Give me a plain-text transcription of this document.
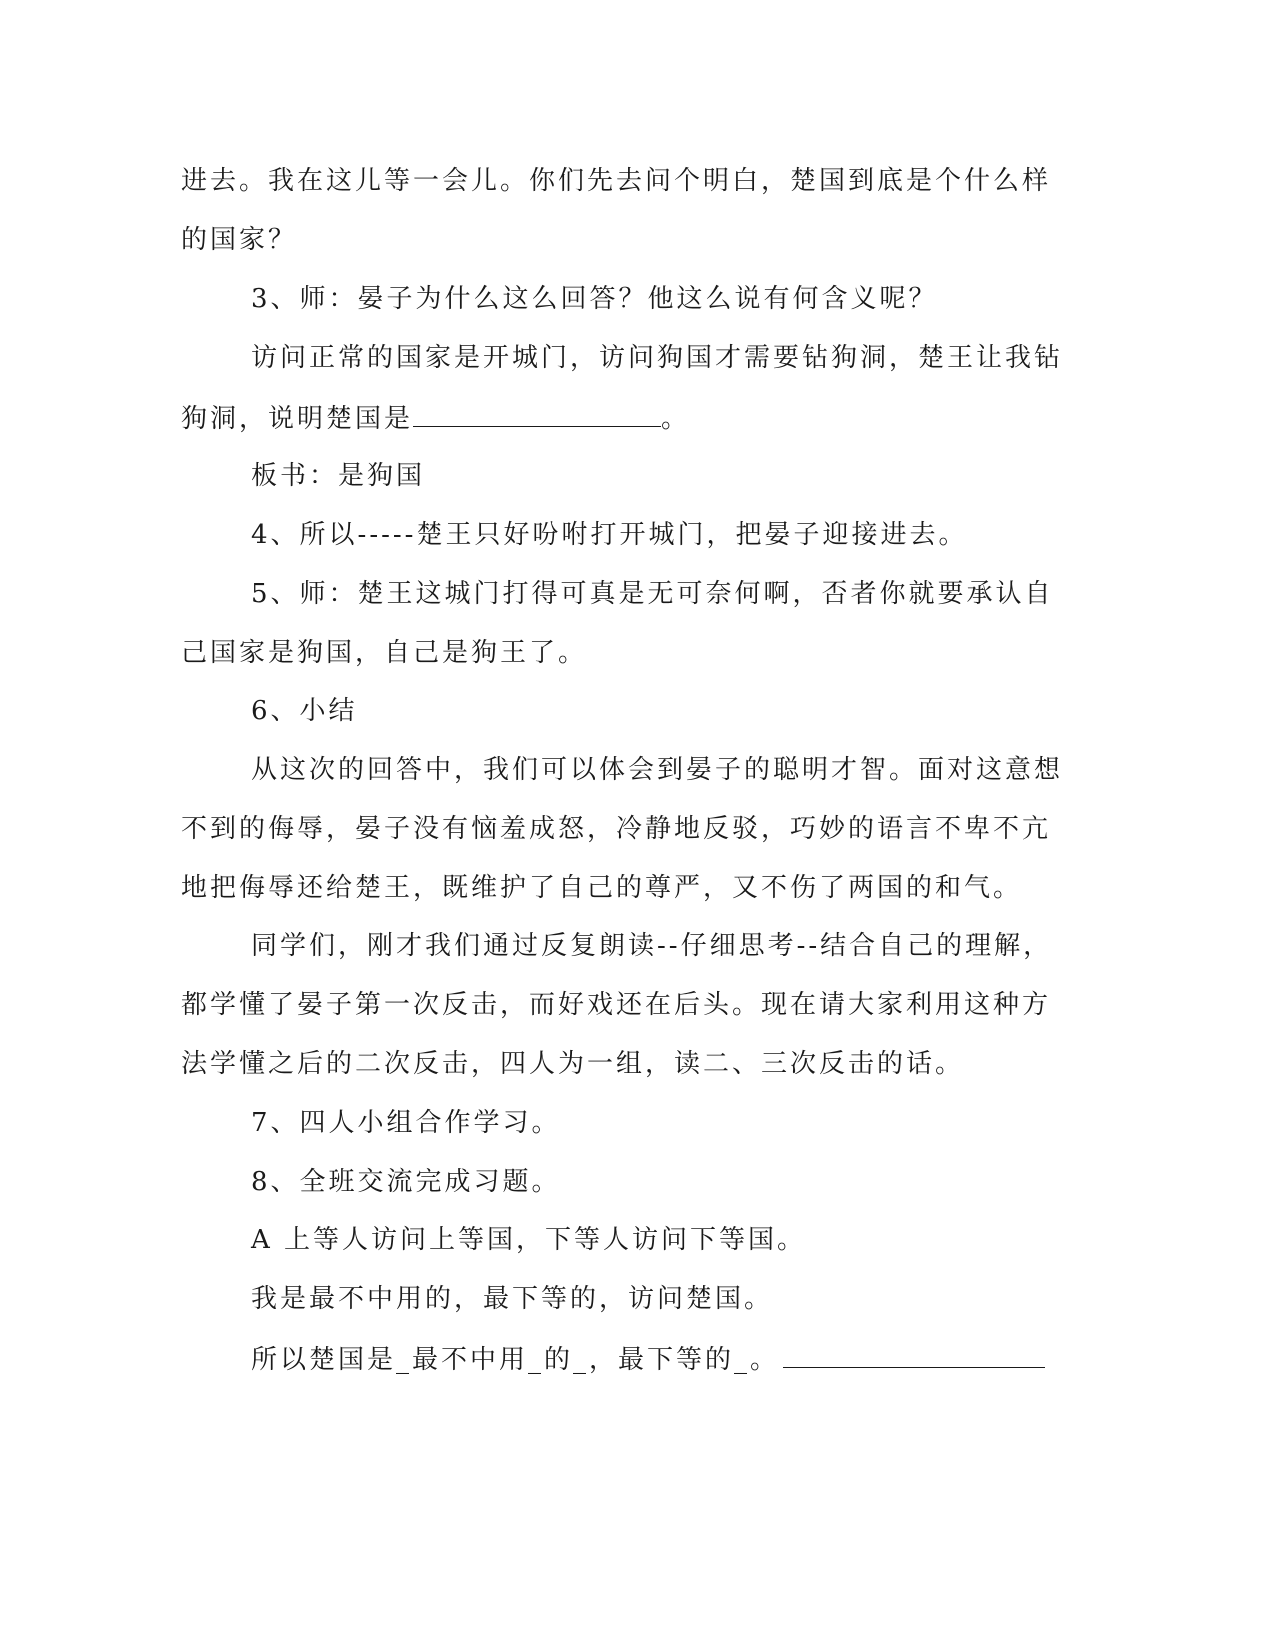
进去。我在这儿等一会儿。你们先去问个明白，楚国到底是个什么样
的国家？
3、师：晏子为什么这么回答？他这么说有何含义呢？
访问正常的国家是开城门，访问狗国才需要钻狗洞，楚王让我钻
狗洞，说明楚国是	。
板书：是狗国
4、所以-----楚王只好吩咐打开城门，把晏子迎接进去。
5、师：楚王这城门打得可真是无可奈何啊，否者你就要承认自
己国家是狗国，自己是狗王了。
6、小结
从这次的回答中，我们可以体会到晏子的聪明才智。面对这意想
不到的侮辱，晏子没有恼羞成怒，冷静地反驳，巧妙的语言不卑不亢
地把侮辱还给楚王，既维护了自己的尊严，又不伤了两国的和气。
同学们，刚才我们通过反复朗读--仔细思考--结合自己的理解，
都学懂了晏子第一次反击，而好戏还在后头。现在请大家利用这种方
法学懂之后的二次反击，四人为一组，读二、三次反击的话。
7、四人小组合作学习。
8、全班交流完成习题。
A 上等人访问上等国，下等人访问下等国。
我是最不中用的，最下等的，访问楚国。
所以楚国是_最不中用_的_，最下等的_。
